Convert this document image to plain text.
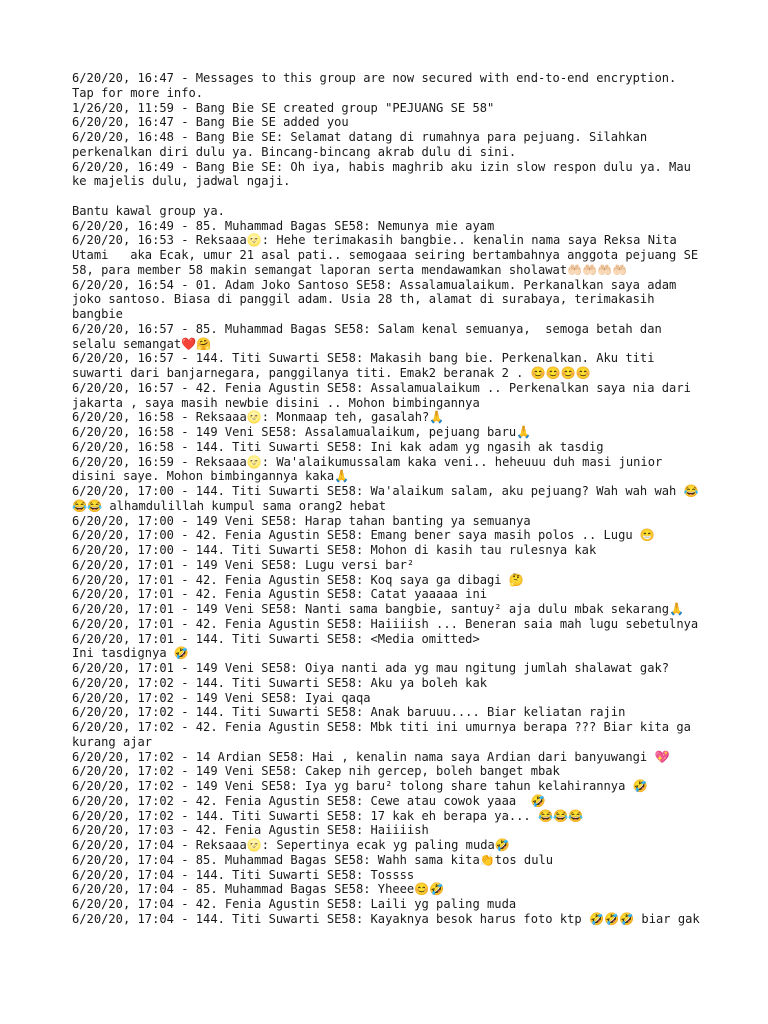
6/20/20, 16:47 - Messages to this group are now secured with end-to-end encryption. Tap for more info.
1/26/20, 11:59 - Bang Bie SE created group "PEJUANG SE 58"
6/20/20, 16:47 - Bang Bie SE added you
6/20/20, 16:48 - Bang Bie SE: Selamat datang di rumahnya para pejuang. Silahkan perkenalkan diri dulu ya. Bincang-bincang akrab dulu di sini.
6/20/20, 16:49 - Bang Bie SE: Oh iya, habis maghrib aku izin slow respon dulu ya. Mau ke majelis dulu, jadwal ngaji.
Bantu kawal group ya.
6/20/20, 16:49 - 85. Muhammad Bagas SE58: Nemunya mie ayam
6/20/20, 16:53 - Reksaaa🌝: Hehe terimakasih bangbie.. kenalin nama saya Reksa Nita Utami   aka Ecak, umur 21 asal pati.. semogaaa seiring bertambahnya anggota pejuang SE 58, para member 58 makin semangat laporan serta mendawamkan sholawat🤲🏻🤲🏻🤲🏻🤲🏻
6/20/20, 16:54 - 01. Adam Joko Santoso SE58: Assalamualaikum. Perkanalkan saya adam joko santoso. Biasa di panggil adam. Usia 28 th, alamat di surabaya, terimakasih bangbie
6/20/20, 16:57 - 85. Muhammad Bagas SE58: Salam kenal semuanya,  semoga betah dan selalu semangat❤️🤗
6/20/20, 16:57 - 144. Titi Suwarti SE58: Makasih bang bie. Perkenalkan. Aku titi suwarti dari banjarnegara, panggilanya titi. Emak2 beranak 2 . 😊😊😊😊
6/20/20, 16:57 - 42. Fenia Agustin SE58: Assalamualaikum .. Perkenalkan saya nia dari jakarta , saya masih newbie disini .. Mohon bimbingannya
6/20/20, 16:58 - Reksaaa🌝: Monmaap teh, gasalah?🙏
6/20/20, 16:58 - 149 Veni SE58: Assalamualaikum, pejuang baru🙏
6/20/20, 16:58 - 144. Titi Suwarti SE58: Ini kak adam yg ngasih ak tasdig
6/20/20, 16:59 - Reksaaa🌝: Wa'alaikumussalam kaka veni.. heheuuu duh masi junior disini saye. Mohon bimbingannya kaka🙏
6/20/20, 17:00 - 144. Titi Suwarti SE58: Wa'alaikum salam, aku pejuang? Wah wah wah 😂😂😂 alhamdulillah kumpul sama orang2 hebat
6/20/20, 17:00 - 149 Veni SE58: Harap tahan banting ya semuanya
6/20/20, 17:00 - 42. Fenia Agustin SE58: Emang bener saya masih polos .. Lugu 😁
6/20/20, 17:00 - 144. Titi Suwarti SE58: Mohon di kasih tau rulesnya kak
6/20/20, 17:01 - 149 Veni SE58: Lugu versi bar²
6/20/20, 17:01 - 42. Fenia Agustin SE58: Koq saya ga dibagi 🤔
6/20/20, 17:01 - 42. Fenia Agustin SE58: Catat yaaaaa ini
6/20/20, 17:01 - 149 Veni SE58: Nanti sama bangbie, santuy² aja dulu mbak sekarang🙏
6/20/20, 17:01 - 42. Fenia Agustin SE58: Haiiiish ... Beneran saia mah lugu sebetulnya
6/20/20, 17:01 - 144. Titi Suwarti SE58: <Media omitted>
Ini tasdignya 🤣
6/20/20, 17:01 - 149 Veni SE58: Oiya nanti ada yg mau ngitung jumlah shalawat gak?
6/20/20, 17:02 - 144. Titi Suwarti SE58: Aku ya boleh kak
6/20/20, 17:02 - 149 Veni SE58: Iyai qaqa
6/20/20, 17:02 - 144. Titi Suwarti SE58: Anak baruuu.... Biar keliatan rajin
6/20/20, 17:02 - 42. Fenia Agustin SE58: Mbk titi ini umurnya berapa ??? Biar kita ga kurang ajar
6/20/20, 17:02 - 14 Ardian SE58: Hai , kenalin nama saya Ardian dari banyuwangi 💖
6/20/20, 17:02 - 149 Veni SE58: Cakep nih gercep, boleh banget mbak
6/20/20, 17:02 - 149 Veni SE58: Iya yg baru² tolong share tahun kelahirannya 🤣
6/20/20, 17:02 - 42. Fenia Agustin SE58: Cewe atau cowok yaaa  🤣
6/20/20, 17:02 - 144. Titi Suwarti SE58: 17 kak eh berapa ya... 😂😂😂
6/20/20, 17:03 - 42. Fenia Agustin SE58: Haiiiish
6/20/20, 17:04 - Reksaaa🌝: Sepertinya ecak yg paling muda🤣
6/20/20, 17:04 - 85. Muhammad Bagas SE58: Wahh sama kita👏tos dulu
6/20/20, 17:04 - 144. Titi Suwarti SE58: Tossss
6/20/20, 17:04 - 85. Muhammad Bagas SE58: Yheee😊🤣
6/20/20, 17:04 - 42. Fenia Agustin SE58: Laili yg paling muda
6/20/20, 17:04 - 144. Titi Suwarti SE58: Kayaknya besok harus foto ktp 🤣🤣🤣 biar gak
